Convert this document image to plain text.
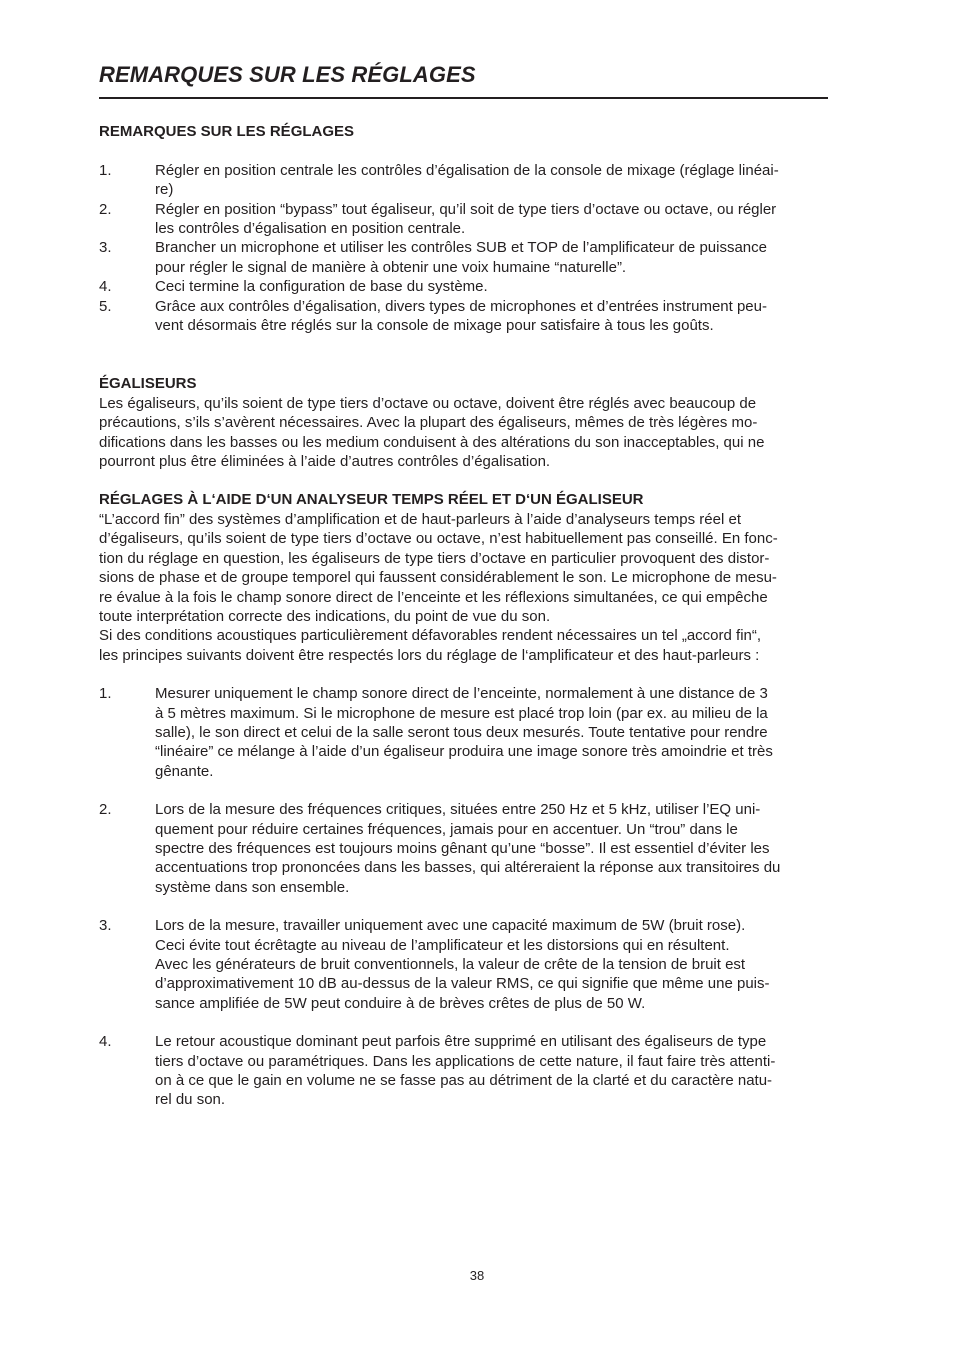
REMARQUES SUR LES RÉGLAGES
REMARQUES SUR LES RÉGLAGES
1.	Régler en position centrale les contrôles d’égalisation de la console de mixage (réglage linéai-
re)
2.	Régler en position “bypass” tout égaliseur, qu’il soit de type tiers d’octave ou octave, ou régler
les contrôles d’égalisation en position centrale.
3.	Brancher un microphone et utiliser les contrôles SUB et TOP de l’amplificateur de puissance
pour régler le signal de manière à obtenir une voix humaine “naturelle”.
4.	Ceci termine la configuration de base du système.
5.	Grâce aux contrôles d’égalisation, divers types de microphones et d’entrées instrument peu-
vent désormais être réglés sur la console de mixage pour satisfaire à tous les goûts.
ÉGALISEURS

Les égaliseurs, qu’ils soient de type tiers d’octave ou octave, doivent être réglés avec beaucoup de
précautions, s’ils s’avèrent nécessaires. Avec la plupart des égaliseurs, mêmes de très légères mo-
difications dans les basses ou les medium conduisent à des altérations du son inacceptables, qui ne
pourront plus être éliminées à l’aide d’autres contrôles d’égalisation.

RÉGLAGES À L‘AIDE D‘UN ANALYSEUR TEMPS RÉEL ET D‘UN ÉGALISEUR

“L’accord fin” des systèmes d’amplification et de haut-parleurs à l’aide d’analyseurs temps réel et
d’égaliseurs, qu’ils soient de type tiers d’octave ou octave, n’est habituellement pas conseillé. En fonc-
tion du réglage en question, les égaliseurs de type tiers d’octave en particulier provoquent des distor-
sions de phase et de groupe temporel qui faussent considérablement le son. Le microphone de mesu-
re évalue à la fois le champ sonore direct de l’enceinte et les réflexions simultanées, ce qui empêche
toute interprétation correcte des indications, du point de vue du son.
Si des conditions acoustiques particulièrement défavorables rendent nécessaires un tel „accord fin“,
les principes suivants doivent être respectés lors du réglage de l‘amplificateur et des haut-parleurs :

1.	Mesurer uniquement le champ sonore direct de l’enceinte, normalement à une distance de 3
à 5 mètres maximum. Si le microphone de mesure est placé trop loin (par ex. au milieu de la
salle), le son direct et celui de la salle seront tous deux mesurés. Toute tentative pour rendre
“linéaire” ce mélange à l’aide d’un égaliseur produira une image sonore très amoindrie et très
gênante.
2.	Lors de la mesure des fréquences critiques, situées entre 250 Hz et 5 kHz, utiliser l’EQ uni-
quement pour réduire certaines fréquences, jamais pour en accentuer. Un “trou” dans le
spectre des fréquences est toujours moins gênant qu’une “bosse”. Il est essentiel d’éviter les
accentuations trop prononcées dans les basses, qui altéreraient la réponse aux transitoires du
système dans son ensemble.
3.	Lors de la mesure, travailler uniquement avec une capacité maximum de 5W (bruit rose).
Ceci évite tout écrêtagte au niveau de l’amplificateur et les distorsions qui en résultent.
Avec les générateurs de bruit conventionnels, la valeur de crête de la tension de bruit est
d’approximativement 10 dB au-dessus de la valeur RMS, ce qui signifie que même une puis-
sance amplifiée de 5W peut conduire à de brèves crêtes de plus de 50 W.
4.	Le retour acoustique dominant peut parfois être supprimé en utilisant des égaliseurs de type
tiers d’octave ou paramétriques. Dans les applications de cette nature, il faut faire très attenti-
on à ce que le gain en volume ne se fasse pas au détriment de la clarté et du caractère natu-
rel du son.
38
